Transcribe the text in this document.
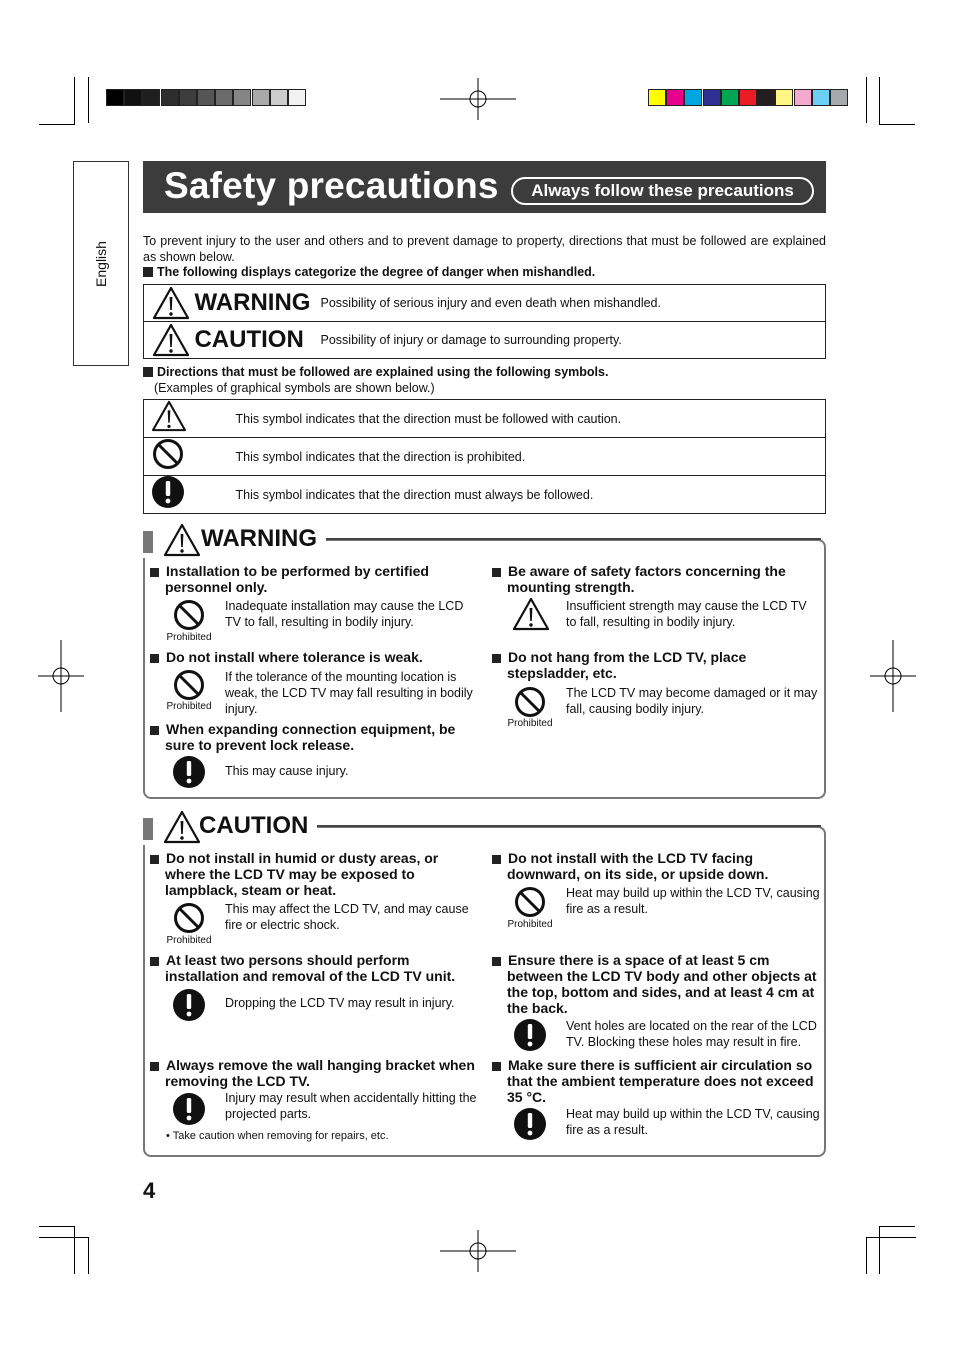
English
Safety precautions	Always follow these precautions
To prevent injury to the user and others and to prevent damage to property, directions that must be followed are explained as shown below.
The following displays categorize the degree of danger when mishandled.
WARNING	Possibility of serious injury and even death when mishandled.
CAUTION	Possibility of injury or damage to surrounding property.
Directions that must be followed are explained using the following symbols.
(Examples of graphical symbols are shown below.)
	This symbol indicates that the direction must be followed with caution.
	This symbol indicates that the direction is prohibited.
	This symbol indicates that the direction must always be followed.
WARNING
Installation to be performed by certified personnel only.
Prohibited
Inadequate installation may cause the LCD TV to fall, resulting in bodily injury.
Do not install where tolerance is weak.
Prohibited
If the tolerance of the mounting location is weak, the LCD TV may fall resulting in bodily injury.
When expanding connection equipment, be sure to prevent lock release.
This may cause injury.
Be aware of safety factors concerning the mounting strength.
Insufficient strength may cause the LCD TV to fall, resulting in bodily injury.
Do not hang from the LCD TV, place stepsladder, etc.
Prohibited
The LCD TV may become damaged or it may fall, causing bodily injury.
CAUTION
Do not install in humid or dusty areas, or where the LCD TV may be exposed to lampblack, steam or heat.
Prohibited
This may affect the LCD TV, and may cause fire or electric shock.
At least two persons should perform installation and removal of the LCD TV unit.
Dropping the LCD TV may result in injury.
Always remove the wall hanging bracket when removing the LCD TV.
Injury may result when accidentally hitting the projected parts.
• Take caution when removing for repairs, etc.
Do not install with the LCD TV facing downward, on its side, or upside down.
Prohibited
Heat may build up within the LCD TV, causing fire as a result.
Ensure there is a space of at least 5 cm between the LCD TV body and other objects at the top, bottom and sides, and at least 4 cm at the back.
Vent holes are located on the rear of the LCD TV. Blocking these holes may result in fire.
Make sure there is sufficient air circulation so that the ambient temperature does not exceed 35 °C.
Heat may build up within the LCD TV, causing fire as a result.
4
